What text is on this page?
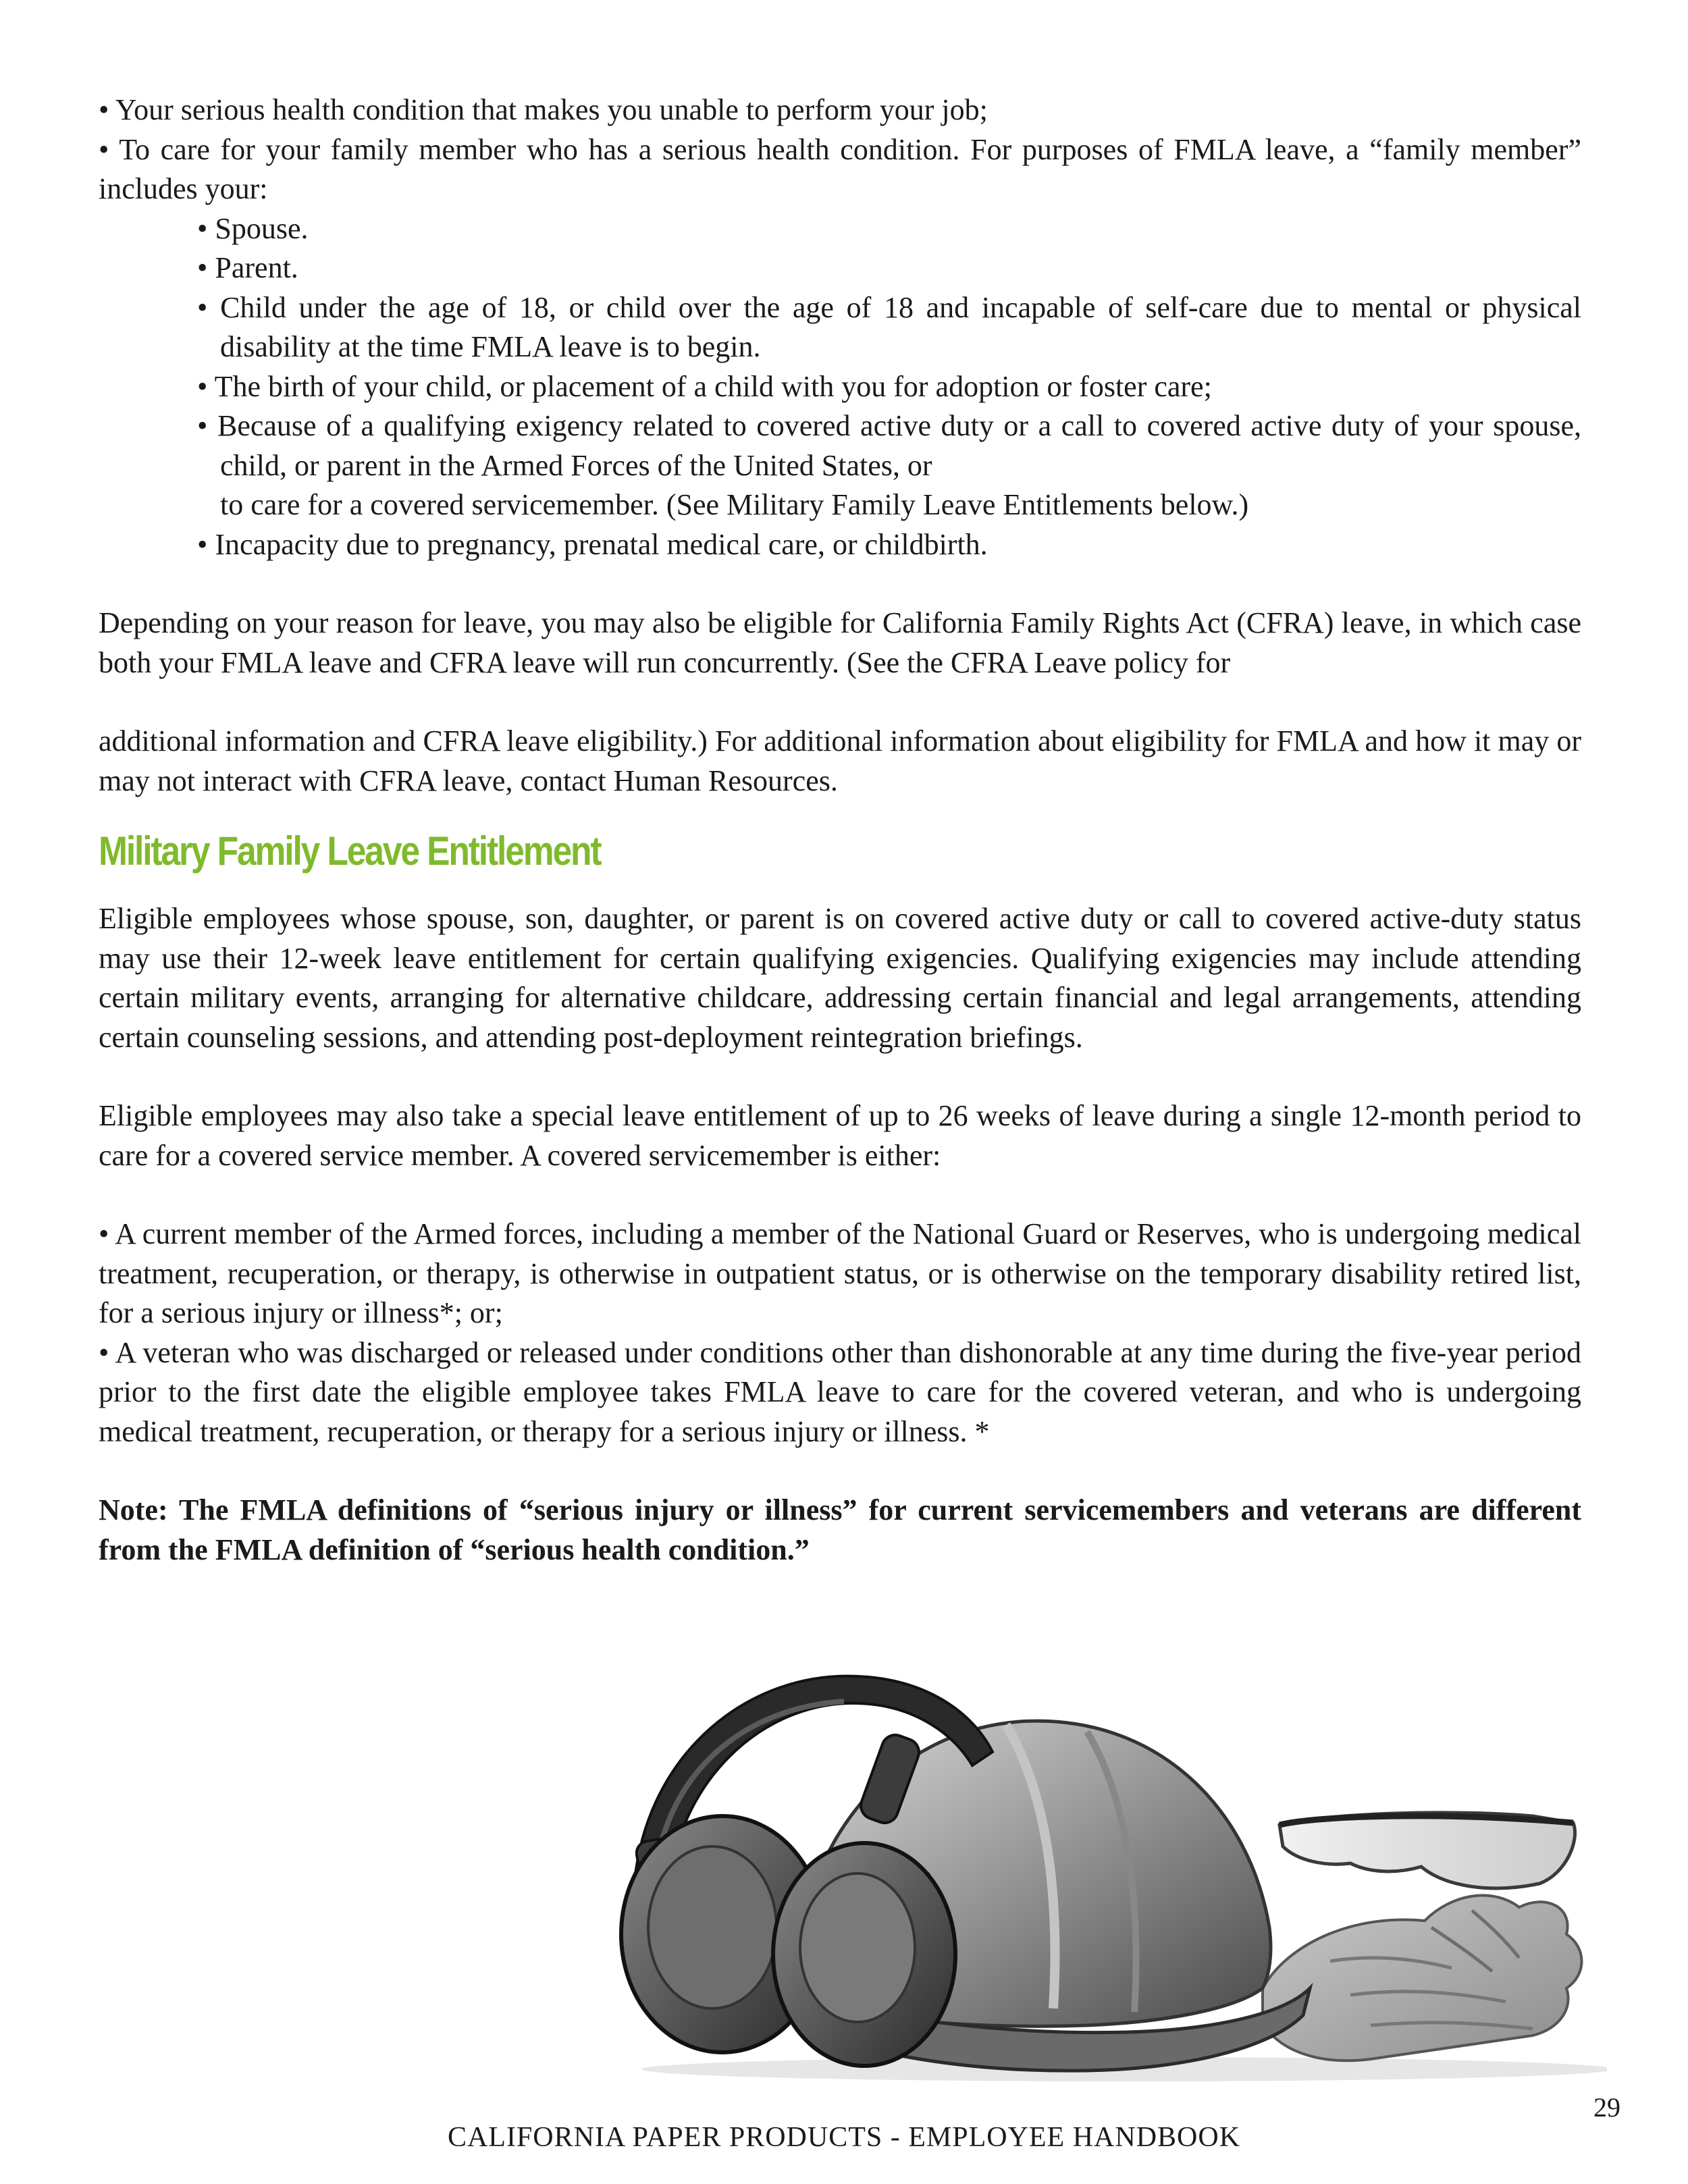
• Your serious health condition that makes you unable to perform your job;

• To care for your family member who has a serious health condition. For purposes of FMLA leave, a “family member” includes your:

• Spouse.

• Parent.

• Child under the age of 18, or child over the age of 18 and incapable of self-care due to mental or physical disability at the time FMLA leave is to begin.

• The birth of your child, or placement of a child with you for adoption or foster care;

• Because of a qualifying exigency related to covered active duty or a call to covered active duty of your spouse, child, or parent in the Armed Forces of the United States, or

to care for a covered servicemember. (See Military Family Leave Entitlements below.)

• Incapacity due to pregnancy, prenatal medical care, or childbirth.

Depending on your reason for leave, you may also be eligible for California Family Rights Act (CFRA) leave, in which case both your FMLA leave and CFRA leave will run concurrently. (See the CFRA Leave policy for

additional information and CFRA leave eligibility.) For additional information about eligibility for FMLA and how it may or may not interact with CFRA leave, contact Human Resources.

Military Family Leave Entitlement

Eligible employees whose spouse, son, daughter, or parent is on covered active duty or call to covered active-duty status may use their 12-week leave entitlement for certain qualifying exigencies. Qualifying exigencies may include attending certain military events, arranging for alternative childcare, addressing certain financial and legal arrangements, attending certain counseling sessions, and attending post-deployment reintegration briefings.

Eligible employees may also take a special leave entitlement of up to 26 weeks of leave during a single 12-month period to care for a covered service member. A covered servicemember is either:

• A current member of the Armed forces, including a member of the National Guard or Reserves, who is undergoing medical treatment, recuperation, or therapy, is otherwise in outpatient status, or is otherwise on the temporary disability retired list, for a serious injury or illness*; or;

• A veteran who was discharged or released under conditions other than dishonorable at any time during the five-year period prior to the first date the eligible employee takes FMLA leave to care for the covered veteran, and who is undergoing medical treatment, recuperation, or therapy for a serious injury or illness. *

Note: The FMLA definitions of “serious injury or illness” for current servicemembers and veterans are different from the FMLA definition of “serious health condition.”

29
CALIFORNIA PAPER PRODUCTS - EMPLOYEE HANDBOOK
